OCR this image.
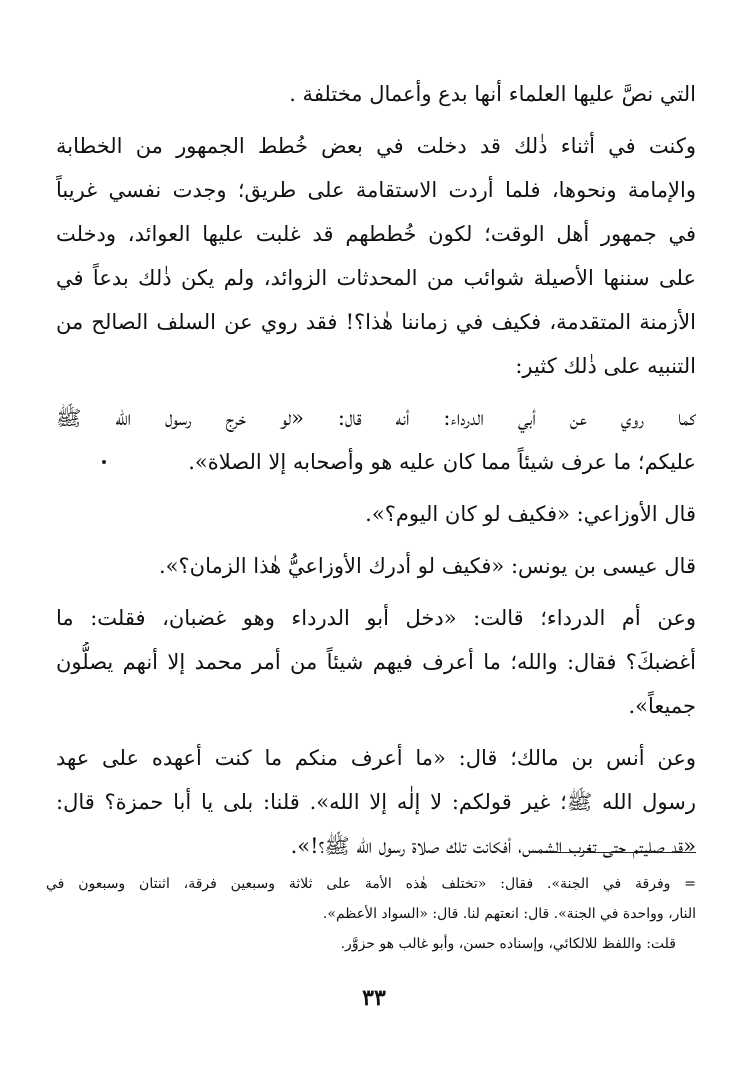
التي نصَّ عليها العلماء أنها بدع وأعمال مختلفة .
وكنت في أثناء ذٰلك قد دخلت في بعض خُطط الجمهور من الخطابة
والإمامة ونحوها، فلما أردت الاستقامة على طريق؛ وجدت نفسي غريباً
في جمهور أهل الوقت؛ لكون خُططهم قد غلبت عليها العوائد، ودخلت
على سننها الأصيلة شوائب من المحدثات الزوائد، ولم يكن ذٰلك بدعاً في
الأزمنة المتقدمة، فكيف في زماننا هٰذا؟! فقد روي عن السلف الصالح من
التنبيه على ذٰلك كثير:
كما روي عن أبي الدرداء: أنه قال: «لو خرج رسول الله ﷺ
عليكم؛ ما عرف شيئاً مما كان عليه هو وأصحابه إلا الصلاة».
قال الأوزاعي: «فكيف لو كان اليوم؟».
قال عيسى بن يونس: «فكيف لو أدرك الأوزاعيُّ هٰذا الزمان؟».
وعن أم الدرداء؛ قالت: «دخل أبو الدرداء وهو غضبان، فقلت: ما
أغضبكَ؟ فقال: والله؛ ما أعرف فيهم شيئاً من أمر محمد إلا أنهم يصلُّون
جميعاً».
وعن أنس بن مالك؛ قال: «ما أعرف منكم ما كنت أعهده على عهد
رسول الله ﷺ؛ غير قولكم: لا إلٰه إلا الله». قلنا: بلى يا أبا حمزة؟ قال:
«قد صليتم حتى تغرب الشمس، أفكانت تلك صلاة رسول الله ﷺ؟!».
= وفرقة في الجنة». فقال: «تختلف هٰذه الأمة على ثلاثة وسبعين فرقة، اثنتان وسبعون في
النار، وواحدة في الجنة». قال: انعتهم لنا. قال: «السواد الأعظم».
قلت: واللفظ للالكائي، وإسناده حسن، وأبو غالب هو حزوَّر.
٣٣
